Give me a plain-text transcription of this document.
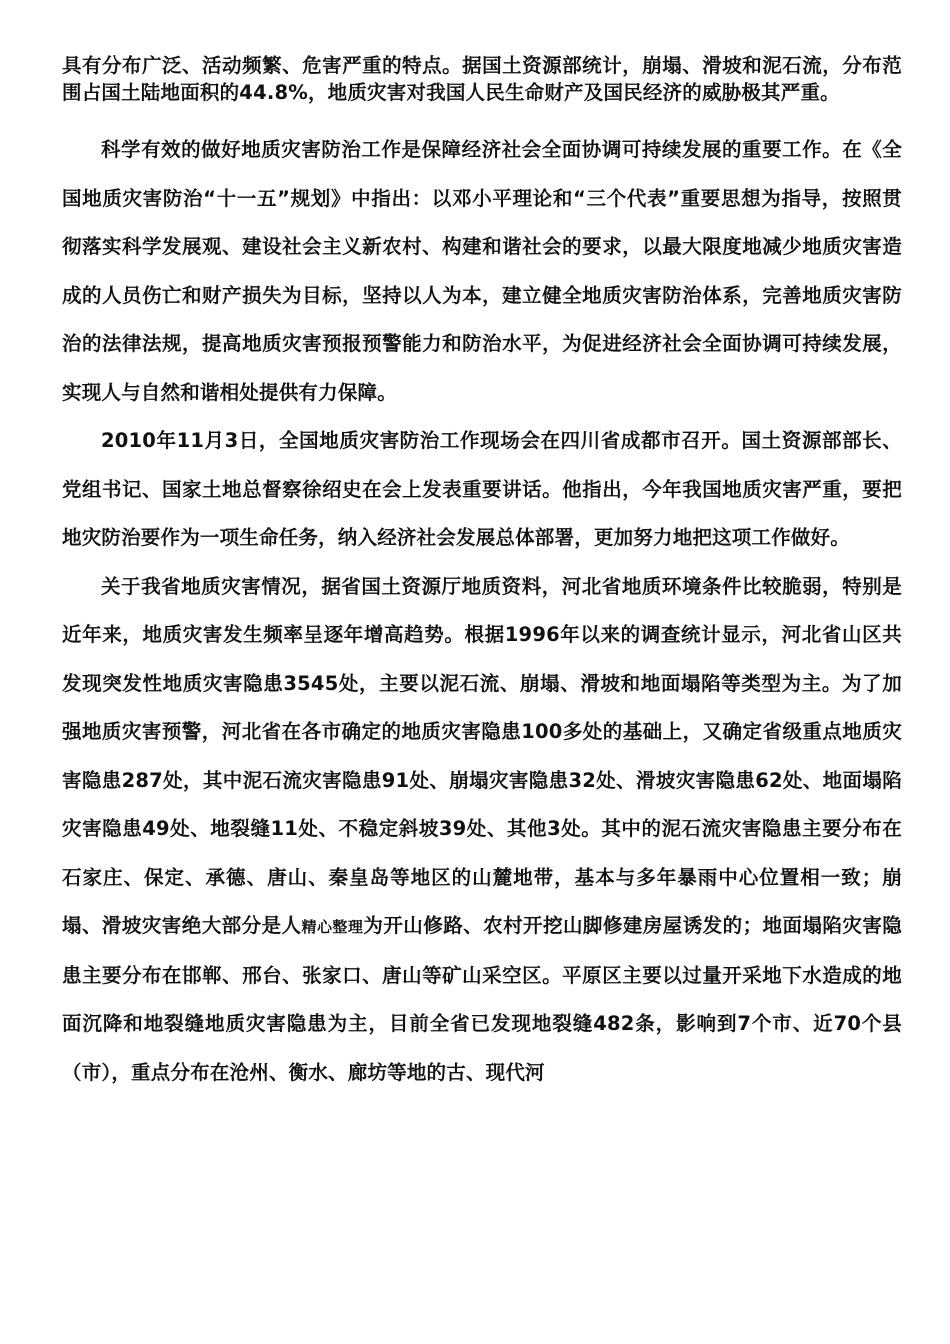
具有分布广泛、活动频繁、危害严重的特点。据国土资源部统计，崩塌、滑坡和泥石流，分布范围占国土陆地面积的44.8%，地质灾害对我国人民生命财产及国民经济的威胁极其严重。

科学有效的做好地质灾害防治工作是保障经济社会全面协调可持续发展的重要工作。在《全国地质灾害防治“十一五”规划》中指出：以邓小平理论和“三个代表”重要思想为指导，按照贯彻落实科学发展观、建设社会主义新农村、构建和谐社会的要求，以最大限度地减少地质灾害造成的人员伤亡和财产损失为目标，坚持以人为本，建立健全地质灾害防治体系，完善地质灾害防治的法律法规，提高地质灾害预报预警能力和防治水平，为促进经济社会全面协调可持续发展，实现人与自然和谐相处提供有力保障。

2010年11月3日，全国地质灾害防治工作现场会在四川省成都市召开。国土资源部部长、党组书记、国家土地总督察徐绍史在会上发表重要讲话。他指出，今年我国地质灾害严重，要把地灾防治要作为一项生命任务，纳入经济社会发展总体部署，更加努力地把这项工作做好。

关于我省地质灾害情况，据省国土资源厅地质资料，河北省地质环境条件比较脆弱，特别是近年来，地质灾害发生频率呈逐年增高趋势。根据1996年以来的调查统计显示，河北省山区共发现突发性地质灾害隐患3545处，主要以泥石流、崩塌、滑坡和地面塌陷等类型为主。为了加强地质灾害预警，河北省在各市确定的地质灾害隐患100多处的基础上，又确定省级重点地质灾害隐患287处，其中泥石流灾害隐患91处、崩塌灾害隐患32处、滑坡灾害隐患62处、地面塌陷灾害隐患49处、地裂缝11处、不稳定斜坡39处、其他3处。其中的泥石流灾害隐患主要分布在石家庄、保定、承德、唐山、秦皇岛等地区的山麓地带，基本与多年暴雨中心位置相一致；崩塌、滑坡灾害绝大部分是人精心整理为开山修路、农村开挖山脚修建房屋诱发的；地面塌陷灾害隐患主要分布在邯郸、邢台、张家口、唐山等矿山采空区。平原区主要以过量开采地下水造成的地面沉降和地裂缝地质灾害隐患为主，目前全省已发现地裂缝482条，影响到7个市、近70个县（市），重点分布在沧州、衡水、廊坊等地的古、现代河
